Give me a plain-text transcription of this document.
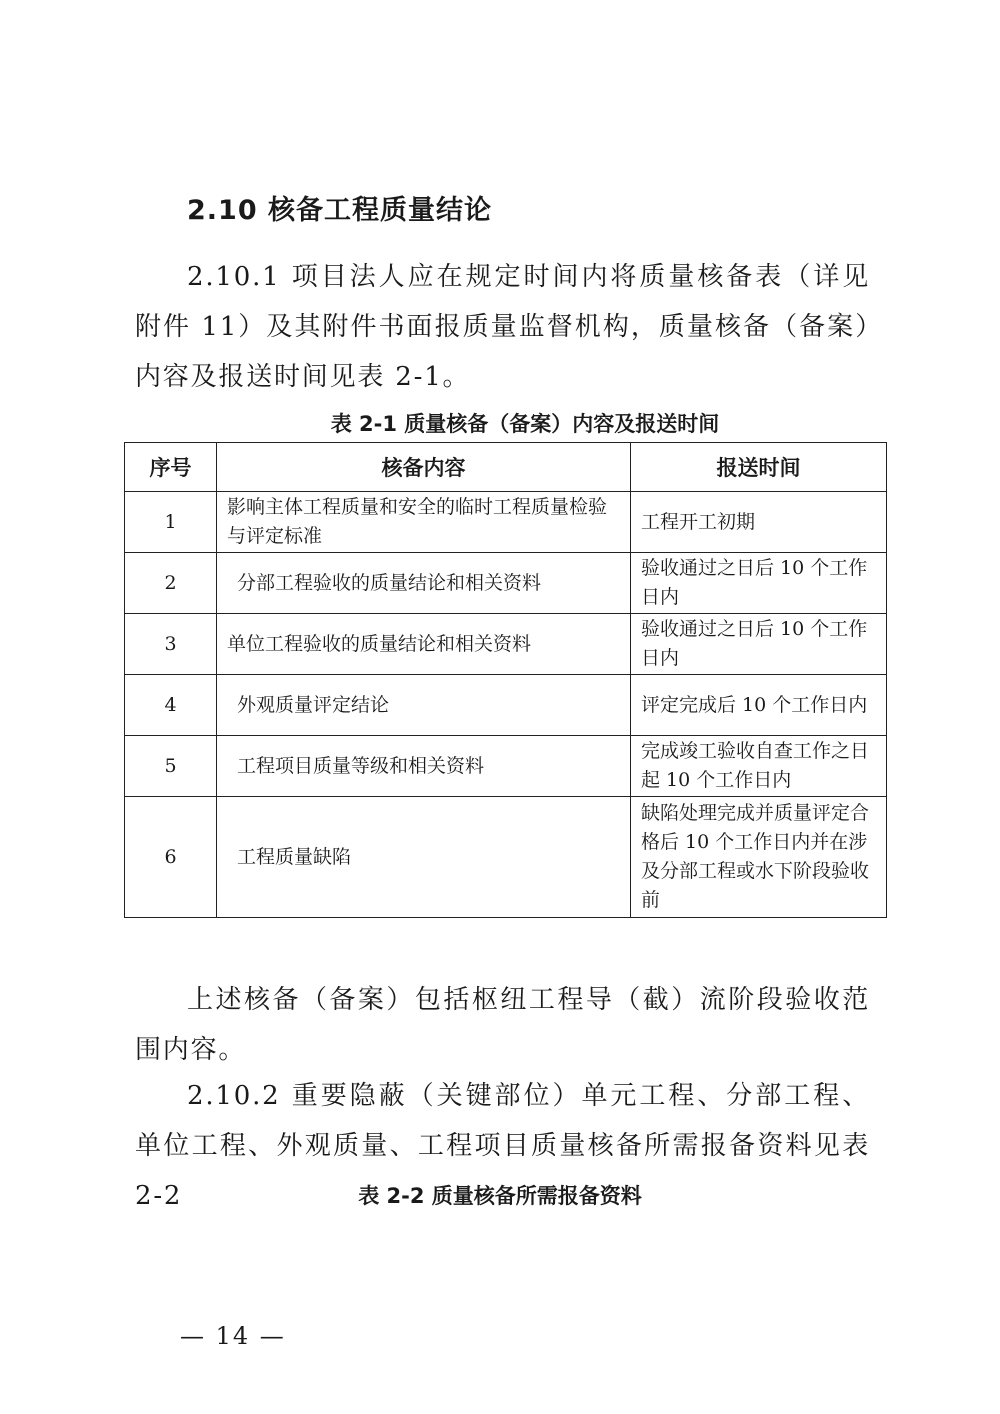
2.10 核备工程质量结论

2.10.1 项目法人应在规定时间内将质量核备表（详见附件 11）及其附件书面报质量监督机构，质量核备（备案）内容及报送时间见表 2-1。

表 2-1 质量核备（备案）内容及报送时间

序号	核备内容	报送时间
1	影响主体工程质量和安全的临时工程质量检验与评定标准	工程开工初期
2	分部工程验收的质量结论和相关资料	验收通过之日后 10 个工作日内
3	单位工程验收的质量结论和相关资料	验收通过之日后 10 个工作日内
4	外观质量评定结论	评定完成后 10 个工作日内
5	工程项目质量等级和相关资料	完成竣工验收自查工作之日起 10 个工作日内
6	工程质量缺陷	缺陷处理完成并质量评定合格后 10 个工作日内并在涉及分部工程或水下阶段验收前

上述核备（备案）包括枢纽工程导（截）流阶段验收范围内容。

2.10.2 重要隐蔽（关键部位）单元工程、分部工程、单位工程、外观质量、工程项目质量核备所需报备资料见表 2-2	表 2-2 质量核备所需报备资料

— 14 —
